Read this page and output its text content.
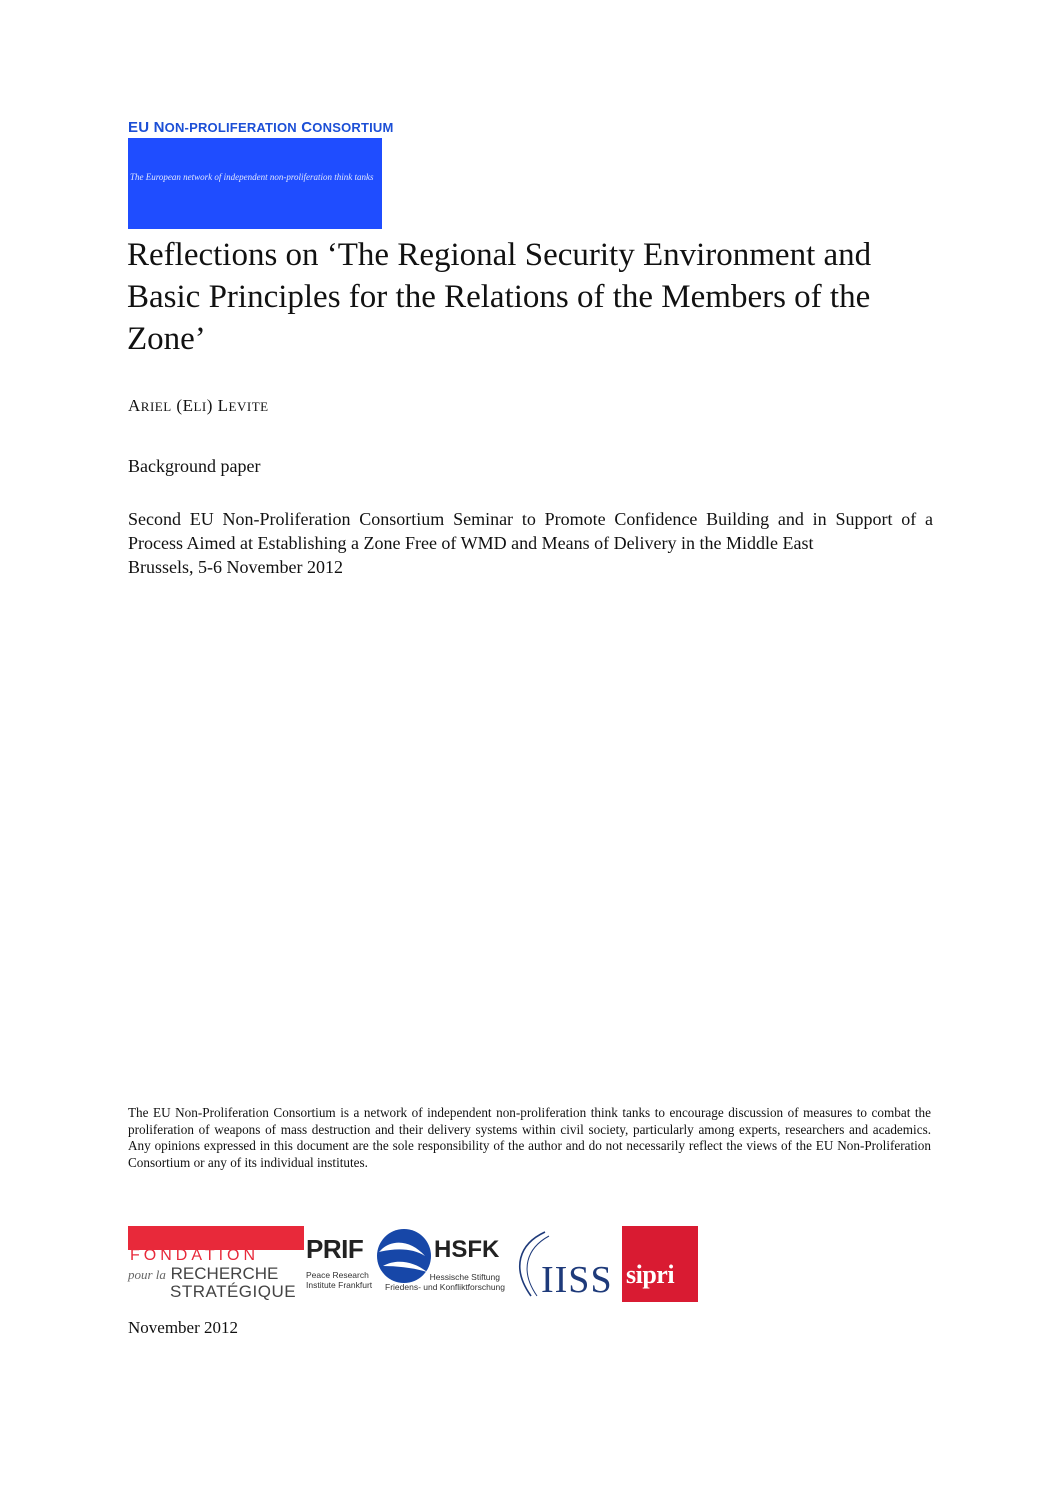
EU NON-PROLIFERATION CONSORTIUM
The European network of independent non-proliferation think tanks
Reflections on ‘The Regional Security Environment and Basic Principles for the Relations of the Members of the Zone’
ARIEL (ELI) LEVITE
Background paper

Second EU Non-Proliferation Consortium Seminar to Promote Confidence Building and in Support of a Process Aimed at Establishing a Zone Free of WMD and Means of Delivery in the Middle East

Brussels, 5-6 November 2012

The EU Non-Proliferation Consortium is a network of independent non-proliferation think tanks to encourage discussion of measures to combat the proliferation of weapons of mass destruction and their delivery systems within civil society, particularly among experts, researchers and academics. Any opinions expressed in this document are the sole responsibility of the author and do not necessarily reflect the views of the EU Non-Proliferation Consortium or any of its individual institutes.

FONDATION
pour la RECHERCHE
STRATÉGIQUE
PRIF
Peace Research
Institute Frankfurt
HSFK
Hessische Stiftung
Friedens- und Konfliktforschung IISS sipri
November 2012
